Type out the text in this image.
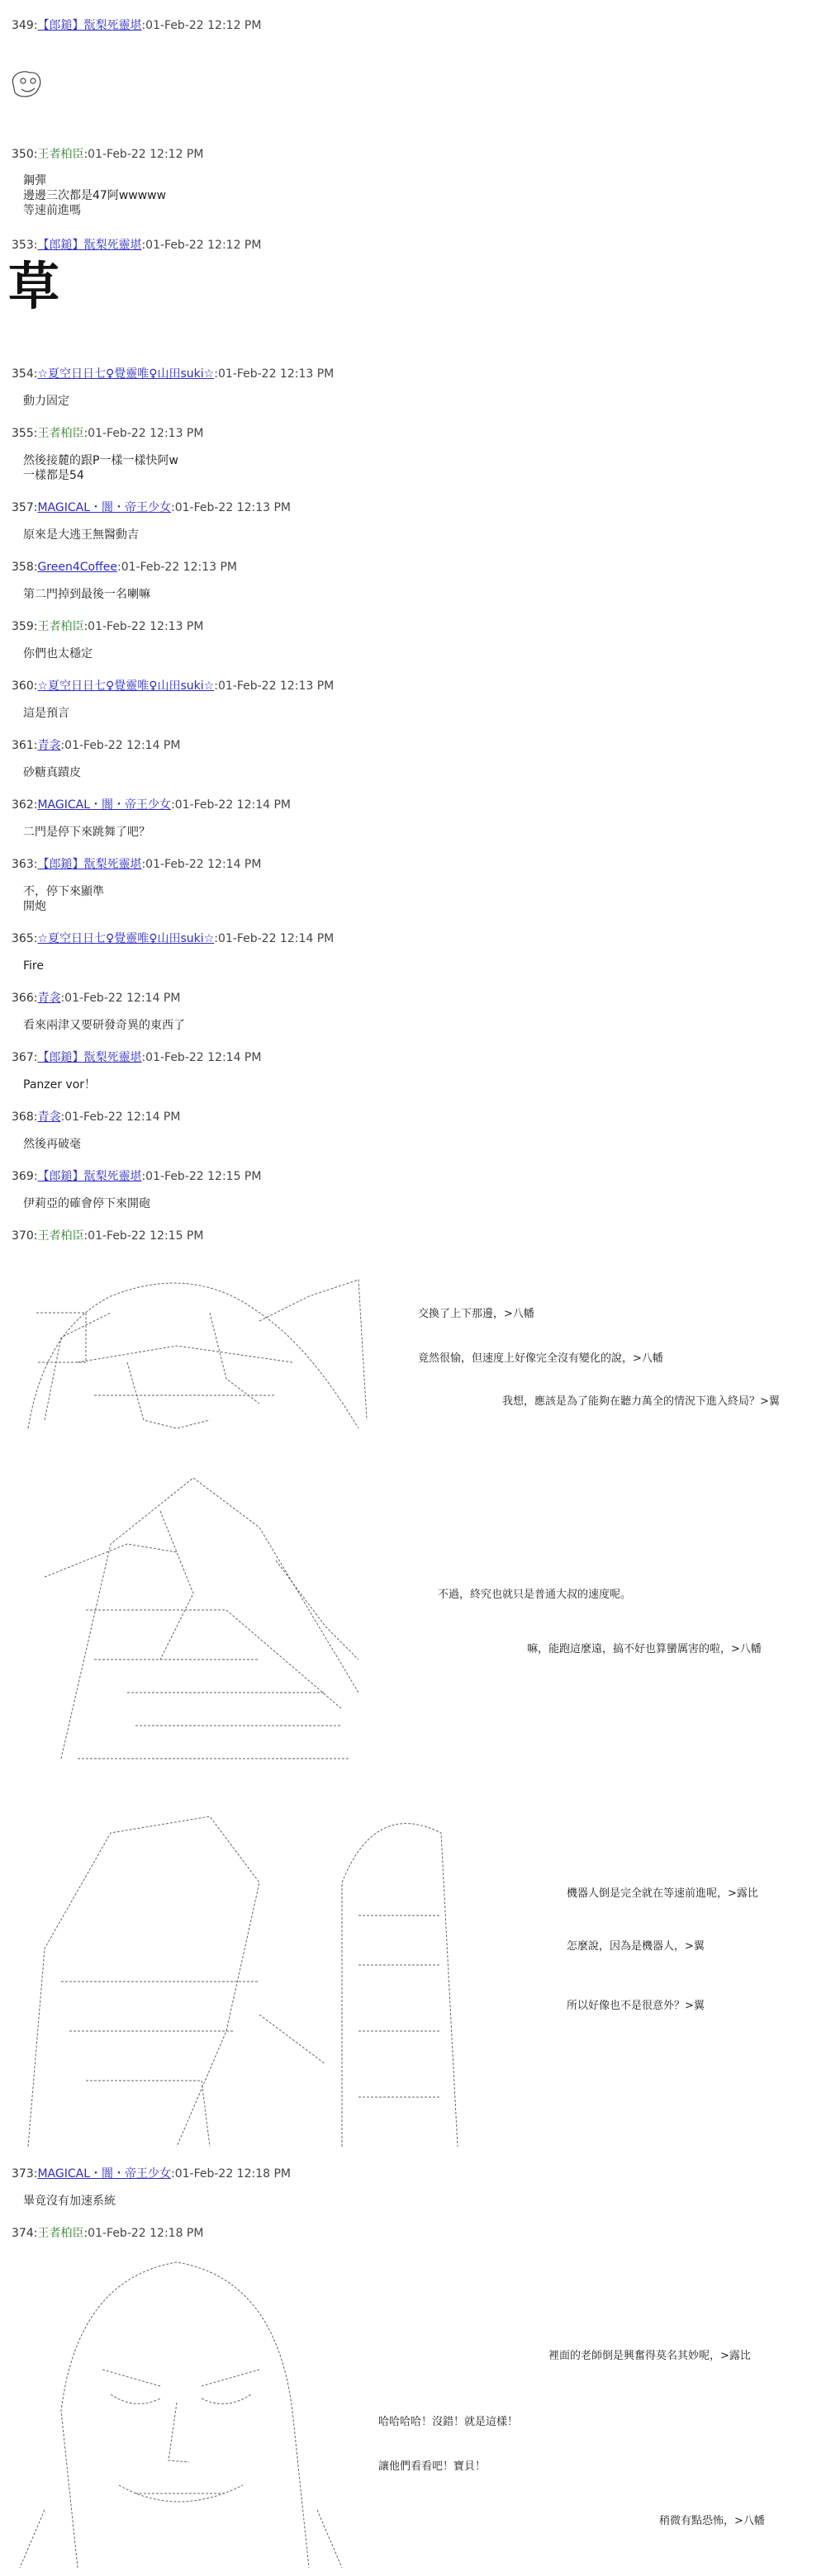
349:【郎鎚】翫梨死靈堪:01-Feb-22 12:12 PM
350:王者柏臣:01-Feb-22 12:12 PM
鋼彈
邊邊三次都是47阿wwwww
等速前進嗎
353:【郎鎚】翫梨死靈堪:01-Feb-22 12:12 PM
草
354:☆夏空日日七♀覺靈唯♀山田suki☆:01-Feb-22 12:13 PM
動力固定
355:王者柏臣:01-Feb-22 12:13 PM
然後接麓的跟P一樣一樣快阿w
一樣都是54
357:MAGICAL・闇・帝王少女:01-Feb-22 12:13 PM
原來是大逃王無醫動吉
358:Green4Coffee:01-Feb-22 12:13 PM
第二門掉到最後一名喇嘛
359:王者柏臣:01-Feb-22 12:13 PM
你們也太穩定
360:☆夏空日日七♀覺靈唯♀山田suki☆:01-Feb-22 12:13 PM
這是預言
361:青衾:01-Feb-22 12:14 PM
砂糖真蹟皮
362:MAGICAL・闇・帝王少女:01-Feb-22 12:14 PM
二門是停下來跳舞了吧？
363:【郎鎚】翫梨死靈堪:01-Feb-22 12:14 PM
不，停下來顯準
開炮
365:☆夏空日日七♀覺靈唯♀山田suki☆:01-Feb-22 12:14 PM
Fire
366:青衾:01-Feb-22 12:14 PM
看來兩津又要研發奇異的東西了
367:【郎鎚】翫梨死靈堪:01-Feb-22 12:14 PM
Panzer vor！
368:青衾:01-Feb-22 12:14 PM
然後再破毫
369:【郎鎚】翫梨死靈堪:01-Feb-22 12:15 PM
伊莉亞的確會停下來開砲
370:王者柏臣:01-Feb-22 12:15 PM
交換了上下那邊，>八幡
竟然很愉，但速度上好像完全沒有變化的說，>八幡
我想，應該是為了能夠在聽力萬全的情況下進入終局？>翼
不過，終究也就只是普通大叔的速度呢。
嘛，能跑這麼遠，搞不好也算蠻厲害的啦，>八幡
機器人倒是完全就在等速前進呢，>露比
怎麼說，因為是機器人，>翼
所以好像也不是很意外？>翼
373:MAGICAL・闇・帝王少女:01-Feb-22 12:18 PM
畢竟沒有加速系統
374:王者柏臣:01-Feb-22 12:18 PM
裡面的老師倒是興奮得莫名其妙呢，>露比
哈哈哈哈！沒錯！就是這樣！
讓他們看看吧！寶貝！
稍微有點恐怖，>八幡
